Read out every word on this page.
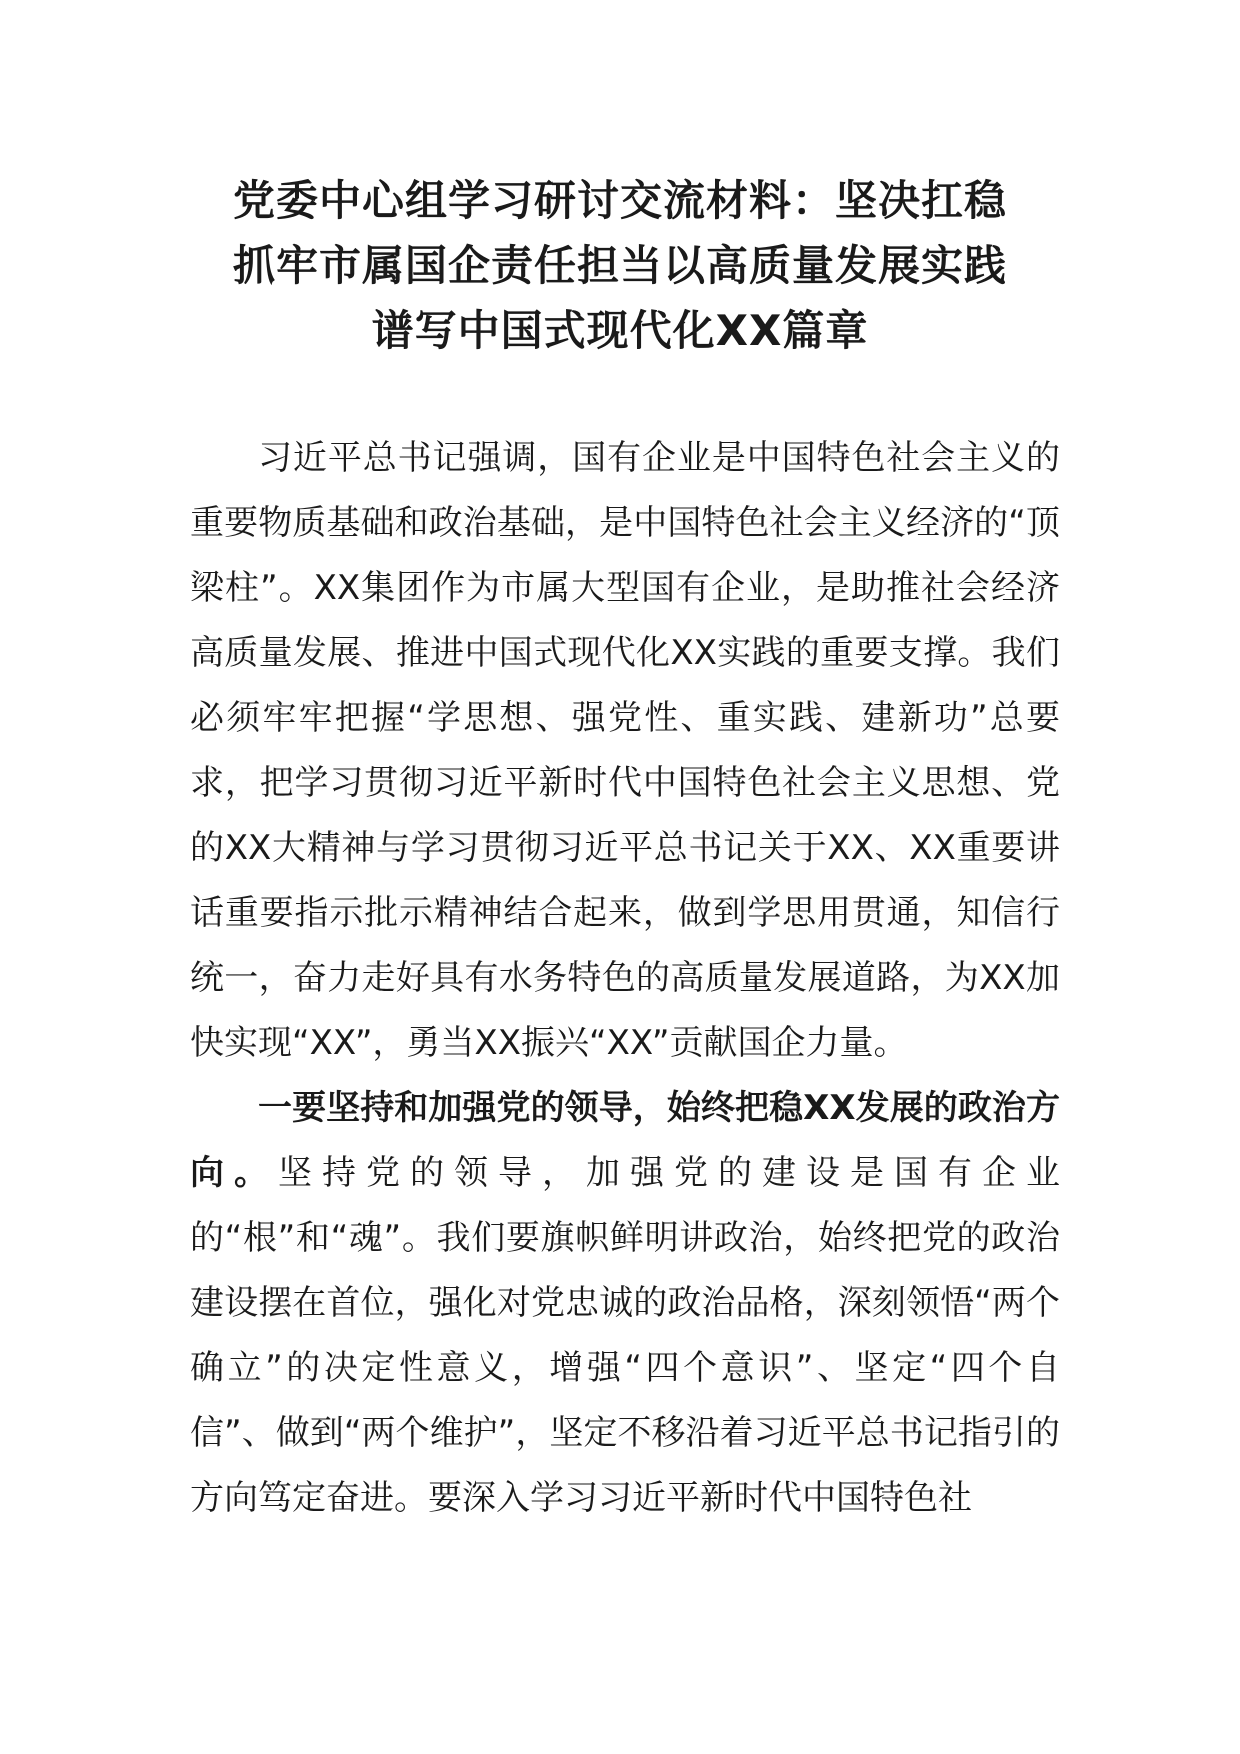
党委中心组学习研讨交流材料：坚决扛稳
抓牢市属国企责任担当以高质量发展实践
谱写中国式现代化XX篇章

习近平总书记强调，国有企业是中国特色社会主义的重要物质基础和政治基础，是中国特色社会主义经济的“顶梁柱”。XX集团作为市属大型国有企业，是助推社会经济高质量发展、推进中国式现代化XX实践的重要支撑。我们必须牢牢把握“学思想、强党性、重实践、建新功”总要求，把学习贯彻习近平新时代中国特色社会主义思想、党的XX大精神与学习贯彻习近平总书记关于XX、XX重要讲话重要指示批示精神结合起来，做到学思用贯通，知信行统一，奋力走好具有水务特色的高质量发展道路，为XX加快实现“XX”，勇当XX振兴“XX”贡献国企力量。

一要坚持和加强党的领导，始终把稳XX发展的政治方向。坚持党的领导，加强党的建设是国有企业的“根”和“魂”。我们要旗帜鲜明讲政治，始终把党的政治建设摆在首位，强化对党忠诚的政治品格，深刻领悟“两个确立”的决定性意义，增强“四个意识”、坚定“四个自信”、做到“两个维护”，坚定不移沿着习近平总书记指引的方向笃定奋进。要深入学习习近平新时代中国特色社
